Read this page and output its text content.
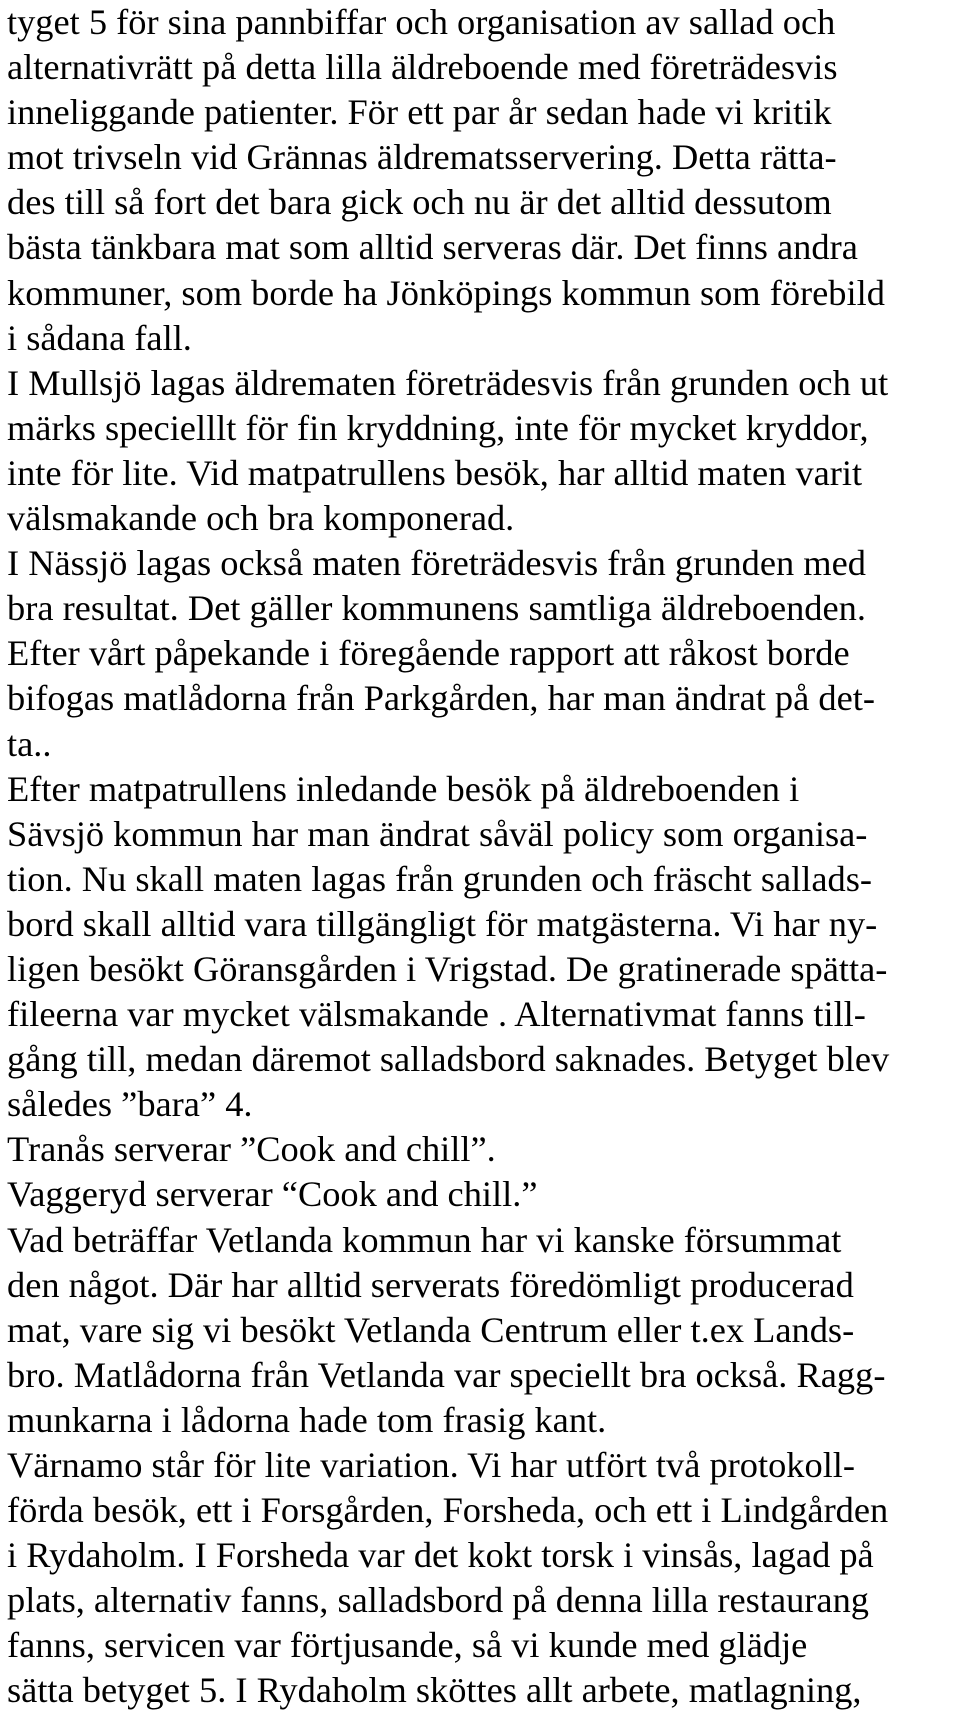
tyget 5 för sina pannbiffar och organisation av sallad och
alternativrätt på detta lilla äldreboende med företrädesvis
inneliggande patienter. För ett par år sedan hade vi kritik
mot trivseln vid Grännas äldrematsservering. Detta rätta-
des till så fort det bara gick och nu är det alltid dessutom
bästa tänkbara mat som alltid serveras där. Det finns andra
kommuner, som borde ha Jönköpings kommun som förebild
i sådana fall.
I Mullsjö lagas äldrematen företrädesvis från grunden och ut
märks specielllt för fin kryddning, inte för mycket kryddor,
inte för lite. Vid matpatrullens besök, har alltid maten varit
välsmakande och bra komponerad.
I Nässjö lagas också maten företrädesvis från grunden med
bra resultat. Det gäller kommunens samtliga äldreboenden.
Efter vårt påpekande i föregående rapport att råkost borde
bifogas matlådorna från Parkgården, har man ändrat på det-
ta..
Efter matpatrullens inledande besök på äldreboenden i
Sävsjö kommun har man ändrat såväl policy som organisa-
tion. Nu skall maten lagas från grunden och fräscht sallads-
bord skall alltid vara tillgängligt för matgästerna. Vi har ny-
ligen besökt Göransgården i Vrigstad. De gratinerade spätta-
fileerna var mycket välsmakande . Alternativmat fanns till-
gång till, medan däremot salladsbord saknades. Betyget blev
således ”bara” 4.
Tranås serverar ”Cook and chill”.
Vaggeryd serverar “Cook and chill.”
Vad beträffar Vetlanda kommun har vi kanske försummat
den något. Där har alltid serverats föredömligt producerad
mat, vare sig vi besökt Vetlanda Centrum eller t.ex Lands-
bro. Matlådorna från Vetlanda var speciellt bra också. Ragg-
munkarna i lådorna hade tom frasig kant.
Värnamo står för lite variation. Vi har utfört två protokoll-
förda besök, ett i Forsgården, Forsheda, och ett i Lindgården
i Rydaholm. I Forsheda var det kokt torsk i vinsås, lagad på
plats, alternativ fanns, salladsbord på denna lilla restaurang
fanns, servicen var förtjusande, så vi kunde med glädje
sätta betyget 5. I Rydaholm sköttes allt arbete, matlagning,
